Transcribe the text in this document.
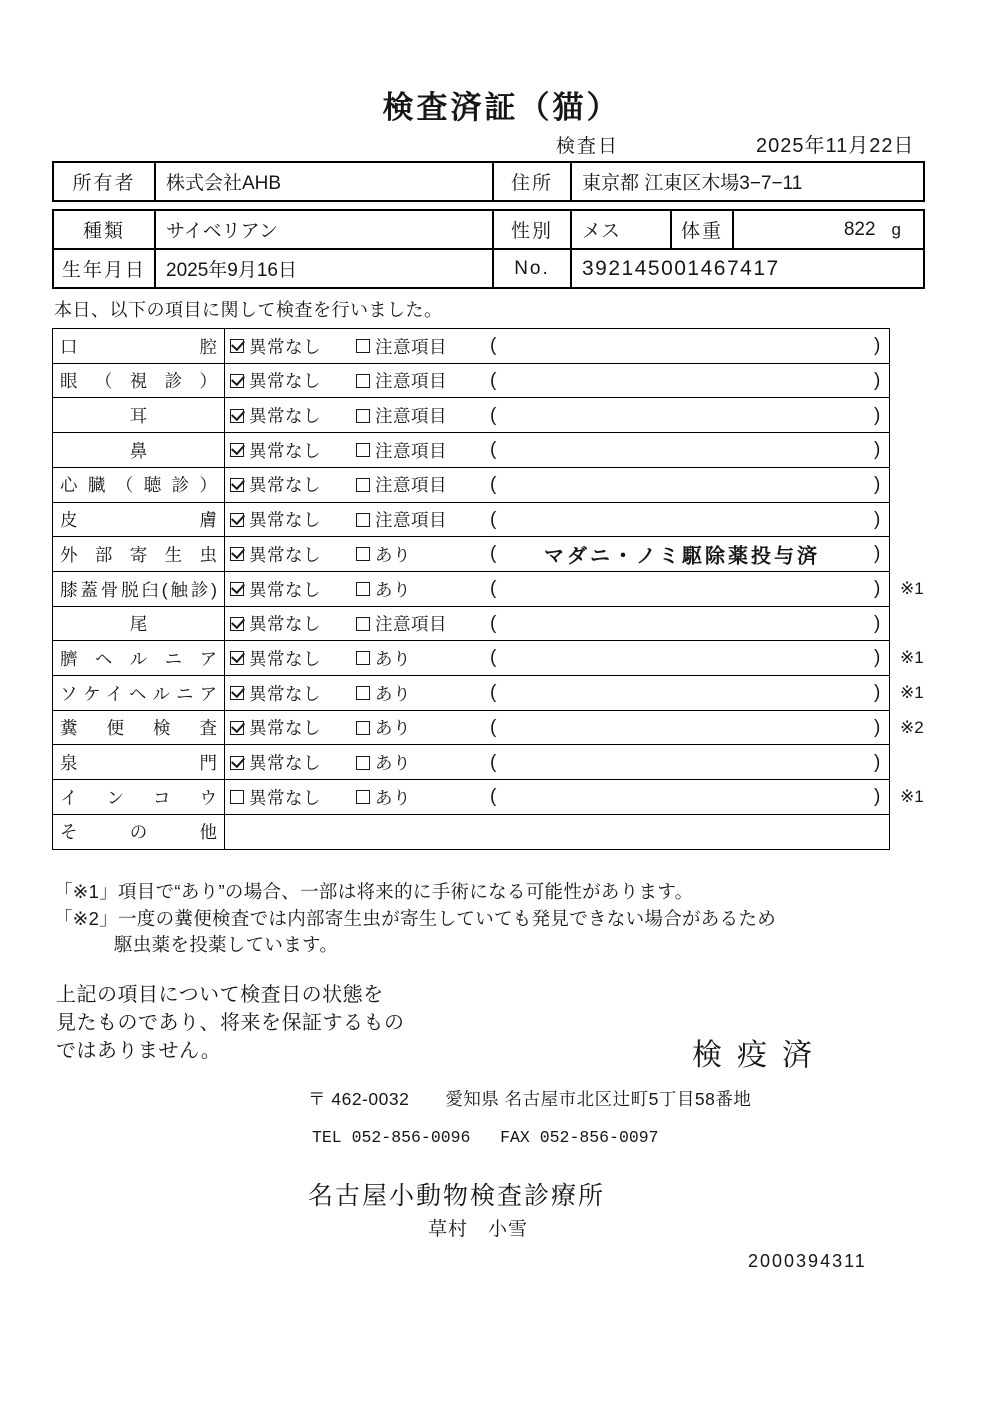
検査済証（猫）
検査日	2025年11月22日
所有者	株式会社AHB	住所	東京都 江東区木場3−7−11
種類	サイベリアン	性別	メス	体重	822 g
生年月日	2025年9月16日	No.	392145001467417

本日、以下の項目に関して検査を行いました。

口腔 異常なし	注意項目 (	)
眼（視診） 異常なし	注意項目 (	)
耳	異常なし	注意項目 (	)
鼻	異常なし	注意項目 (	)
心臓（聴診） 異常なし	注意項目 (	)
皮膚 異常なし	注意項目 (	)
外部寄生虫 異常なし	あり	(	マダニ・ノミ駆除薬投与済	)
膝蓋骨脱臼(触診) 異常なし	あり	(	) ※1
尾	異常なし	注意項目 (	)
臍ヘルニア 異常なし	あり	(	) ※1
ソケイヘルニア 異常なし	あり	(	) ※1
糞便検査 異常なし	あり	(	) ※2
泉門 異常なし	あり	(	)
インコウ 異常なし	あり	(	) ※1
その他
「※1」項目で“あり”の場合、一部は将来的に手術になる可能性があります。
「※2」一度の糞便検査では内部寄生虫が寄生していても発見できない場合があるため
駆虫薬を投薬しています。
上記の項目について検査日の状態を
見たものであり、将来を保証するもの
ではありません。	検疫済
〒 462-0032　　愛知県 名古屋市北区辻町5丁目58番地
TEL 052-856-0096   FAX 052-856-0097
名古屋小動物検査診療所
草村　小雪
2000394311
